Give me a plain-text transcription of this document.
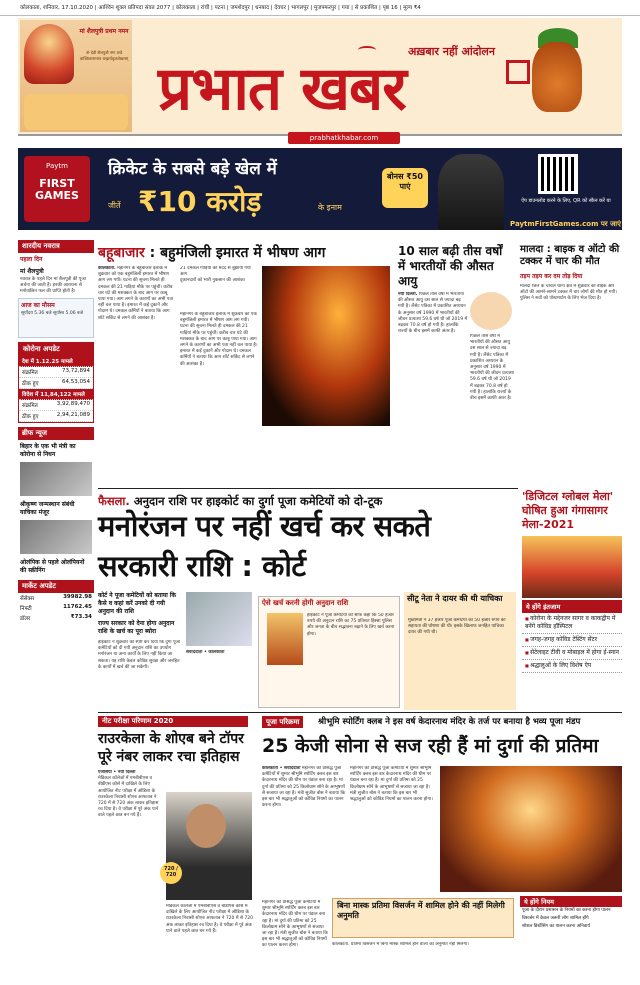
कोलकाता, शनिवार, 17.10.2020 | आश्विन शुक्ल प्रतिपदा संवत 2077 | कोलकाता | रांची | पटना | जमशेदपुर | धनबाद | देवघर | भागलपुर | मुजफ्फरपुर | गया | से प्रकाशित | पृष्ठ 16 | मूल्य ₹4
मां शैलपुत्री प्रथम नमन
ॐ देवी शैलपुत्र्यै नमः वन्दे वाञ्छितलाभाय चन्द्रार्धकृतशेखराम्
अख़बार नहीं आंदोलन
प्रभात खबर
prabhatkhabar.com
Paytm
FIRST GAMES
क्रिकेट के सबसे बड़े खेल में
जीतें ₹10 करोड़	के इनाम
बोनस ₹50 पाएं
ऐप डाउनलोड करने के लिए, QR को स्कैन करें या
PaytmFirstGames.com पर जाएं
शारदीय नवरात्र
पहला दिन
मां शैलपुत्री
नवरात्र के पहले दिन मां शैलपुत्री की पूजा अर्चना की जाती है। इनकी आराधना से मनोवांछित फल की प्राप्ति होती है।
आज का मौसम
सूर्योदय 5.36 बजे सूर्यास्त 5.06 बजे
कोरोना अपडेट
देश में 1.12.25 मामले
संक्रमित	73,72,894
ठीक हुए	64,53,054
विदेश में 11,84,122 मामले
संक्रमित	3,92,89,470
ठीक हुए	2,94,21,089
ब्रीफ न्यूज
बिहार के एक भी मंत्री का कोरोना से निधन
श्रीकृष्ण जन्मस्थान संबंधी याचिका मंजूर
ओलंपिक से पहले ओलंपियनों की स्क्रीनिंग
मार्केट अपडेट
सेंसेक्स	39982.98
निफ्टी	11762.45
डॉलर	₹73.34
बहूबाजार : बहुमंजिली इमारत में भीषण आग
कोलकाता. महानगर के बहूबाजार इलाके में शुक्रवार को एक बहुमंजिली इमारत में भीषण आग लग गयी। घटना की सूचना मिलते ही दमकल की 21 गाड़ियां मौके पर पहुंचीं। करीब चार घंटे की मशक्कत के बाद आग पर काबू पाया गया। आग लगने के कारणों का अभी पता नहीं चल पाया है। इमारत में कई दुकानें और गोदाम थे। दमकल कर्मियों ने बताया कि आग शॉर्ट सर्किट से लगने की आशंका है।
21 दमकल गाड़ियों की मदद से बुझायी गयी आग
दुकानदारों को भारी नुकसान की आशंका
महानगर के बहूबाजार इलाके में शुक्रवार को एक बहुमंजिली इमारत में भीषण आग लग गयी। घटना की सूचना मिलते ही दमकल की 21 गाड़ियां मौके पर पहुंचीं। करीब चार घंटे की मशक्कत के बाद आग पर काबू पाया गया। आग लगने के कारणों का अभी पता नहीं चल पाया है। इमारत में कई दुकानें और गोदाम थे। दमकल कर्मियों ने बताया कि आग शॉर्ट सर्किट से लगने की आशंका है।
10 साल बढ़ी तीस वर्षों में भारतीयों की औसत आयु
नयी दिल्ली. पिछले तीस वर्षों में भारतीयों की औसत आयु दस साल से ज्यादा बढ़ गयी है। लैंसेट पत्रिका में प्रकाशित अध्ययन के अनुसार वर्ष 1990 में भारतीयों की जीवन प्रत्याशा 59.6 वर्ष थी जो 2019 में बढ़कर 70.8 वर्ष हो गयी है। हालांकि राज्यों के बीच इसमें काफी अंतर है।
पिछले तीस वर्षों में भारतीयों की औसत आयु दस साल से ज्यादा बढ़ गयी है। लैंसेट पत्रिका में प्रकाशित अध्ययन के अनुसार वर्ष 1990 में भारतीयों की जीवन प्रत्याशा 59.6 वर्ष थी जो 2019 में बढ़कर 70.8 वर्ष हो गयी है। हालांकि राज्यों के बीच इसमें काफी अंतर है।
मालदा : बाइक व ऑटो की टक्कर में चार की मौत
तड़प तड़प कर दम तोड़ दिया
मालदा जिले के चांचल थाना क्षेत्र में शुक्रवार को बाइक और ऑटो की आमने-सामने टक्कर में चार लोगों की मौत हो गयी। पुलिस ने शवों को पोस्टमार्टम के लिए भेज दिया है।
फैसला. अनुदान राशि पर हाइकोर्ट का दुर्गा पूजा कमेटियों को दो-टूक
मनोरंजन पर नहीं खर्च कर सकते सरकारी राशि : कोर्ट
कोर्ट ने पूजा कमेटियों को बताया कि कैसे व कहां करें उनको दी गयी अनुदान की राशि
राज्य सरकार को देना होगा अनुदान राशि के खर्च का पूरा ब्योरा
हाइकोर्ट ने शुक्रवार को स्पष्ट कर दिया कि दुर्गा पूजा कमेटियों को दी गयी अनुदान राशि का उपयोग मनोरंजन या अन्य कार्यों के लिए नहीं किया जा सकता। यह राशि केवल कोविड सुरक्षा और जनहित के कार्यों में खर्च की जा सकेगी।
संवाददाता • कोलकाता
ऐसे खर्च करनी होगी अनुदान राशि
हाइकोर्ट ने पूजा कमेटियों को साफ कहा कि 50 हजार रुपये की अनुदान राशि का 75 प्रतिशत हिस्सा पुलिस और जनता के बीच सद्भावना बढ़ाने के लिए खर्च करना होगा।
सीटू नेता ने दायर की थी याचिका
मुख्यमंत्री ने 37 हजार पूजा कमेटियों को 50 हजार रुपये की सहायता की घोषणा की थी। इसके खिलाफ जनहित याचिका दायर की गयी थी।
'डिजिटल ग्लोबल मेला' घोषित हुआ गंगासागर मेला-2021
ये होंगे इंतजाम
■ कोरोना के मद्देनजर सागर व काकद्वीप में बनेंगे कोविड हॉस्पिटल
■ जगह-जगह कोविड टेस्टिंग सेंटर
■ सेटेलाइट टीवी व मोबाइल में होगा ई-स्नान
■ श्रद्धालुओं के लिए विशेष ऐप
नीट परीक्षा परिणाम 2020
राउरकेला के शोएब बने टॉपर पूरे नंबर लाकर रचा इतिहास
एजेंसियां • नयी दिल्ली
मेडिकल कॉलेजों में एमबीबीएस व बीडीएस कोर्स में दाखिले के लिए आयोजित नीट परीक्षा में ओडिशा के राउरकेला निवासी शोएब आफताब ने 720 में से 720 अंक लाकर इतिहास रच दिया है। वे परीक्षा में पूरे अंक पाने वाले पहले छात्र बन गये हैं।
720 / 720
मेडिकल कॉलेजों में एमबीबीएस व बीडीएस कोर्स में दाखिले के लिए आयोजित नीट परीक्षा में ओडिशा के राउरकेला निवासी शोएब आफताब ने 720 में से 720 अंक लाकर इतिहास रच दिया है। वे परीक्षा में पूरे अंक पाने वाले पहले छात्र बन गये हैं।
पूजा परिक्रमा	श्रीभूमि स्पोर्टिंग क्लब ने इस वर्ष केदारनाथ मंदिर के तर्ज पर बनाया है भव्य पूजा मंडप
25 केजी सोना से सज रही हैं मां दुर्गा की प्रतिमा
कोलकाता • संवाददाता महानगर की प्रसिद्ध पूजा कमेटियों में शुमार श्रीभूमि स्पोर्टिंग क्लब इस बार केदारनाथ मंदिर की थीम पर पंडाल बना रहा है। मां दुर्गा की प्रतिमा को 25 किलोग्राम सोने के आभूषणों से सजाया जा रहा है। मंत्री सुजीत बोस ने बताया कि इस बार भी श्रद्धालुओं को कोविड नियमों का पालन करना होगा।
महानगर की प्रसिद्ध पूजा कमेटियों में शुमार श्रीभूमि स्पोर्टिंग क्लब इस बार केदारनाथ मंदिर की थीम पर पंडाल बना रहा है। मां दुर्गा की प्रतिमा को 25 किलोग्राम सोने के आभूषणों से सजाया जा रहा है। मंत्री सुजीत बोस ने बताया कि इस बार भी श्रद्धालुओं को कोविड नियमों का पालन करना होगा।
महानगर की प्रसिद्ध पूजा कमेटियों में शुमार श्रीभूमि स्पोर्टिंग क्लब इस बार केदारनाथ मंदिर की थीम पर पंडाल बना रहा है। मां दुर्गा की प्रतिमा को 25 किलोग्राम सोने के आभूषणों से सजाया जा रहा है। मंत्री सुजीत बोस ने बताया कि इस बार भी श्रद्धालुओं को कोविड नियमों का पालन करना होगा।
बिना मास्क प्रतिमा विसर्जन में शामिल होने की नहीं मिलेगी अनुमति
कोलकाता. प्रतिमा विसर्जन में बिना मास्क शामिल होने वालों को अनुमति नहीं मिलेगी।
ये होंगे नियम
पूजा के दौरान प्रशासन के नियमों का करना होगा पालन
विसर्जन में केवल जरूरी लोग शामिल होंगे
सोशल डिस्टेंसिंग का पालन करना अनिवार्य
